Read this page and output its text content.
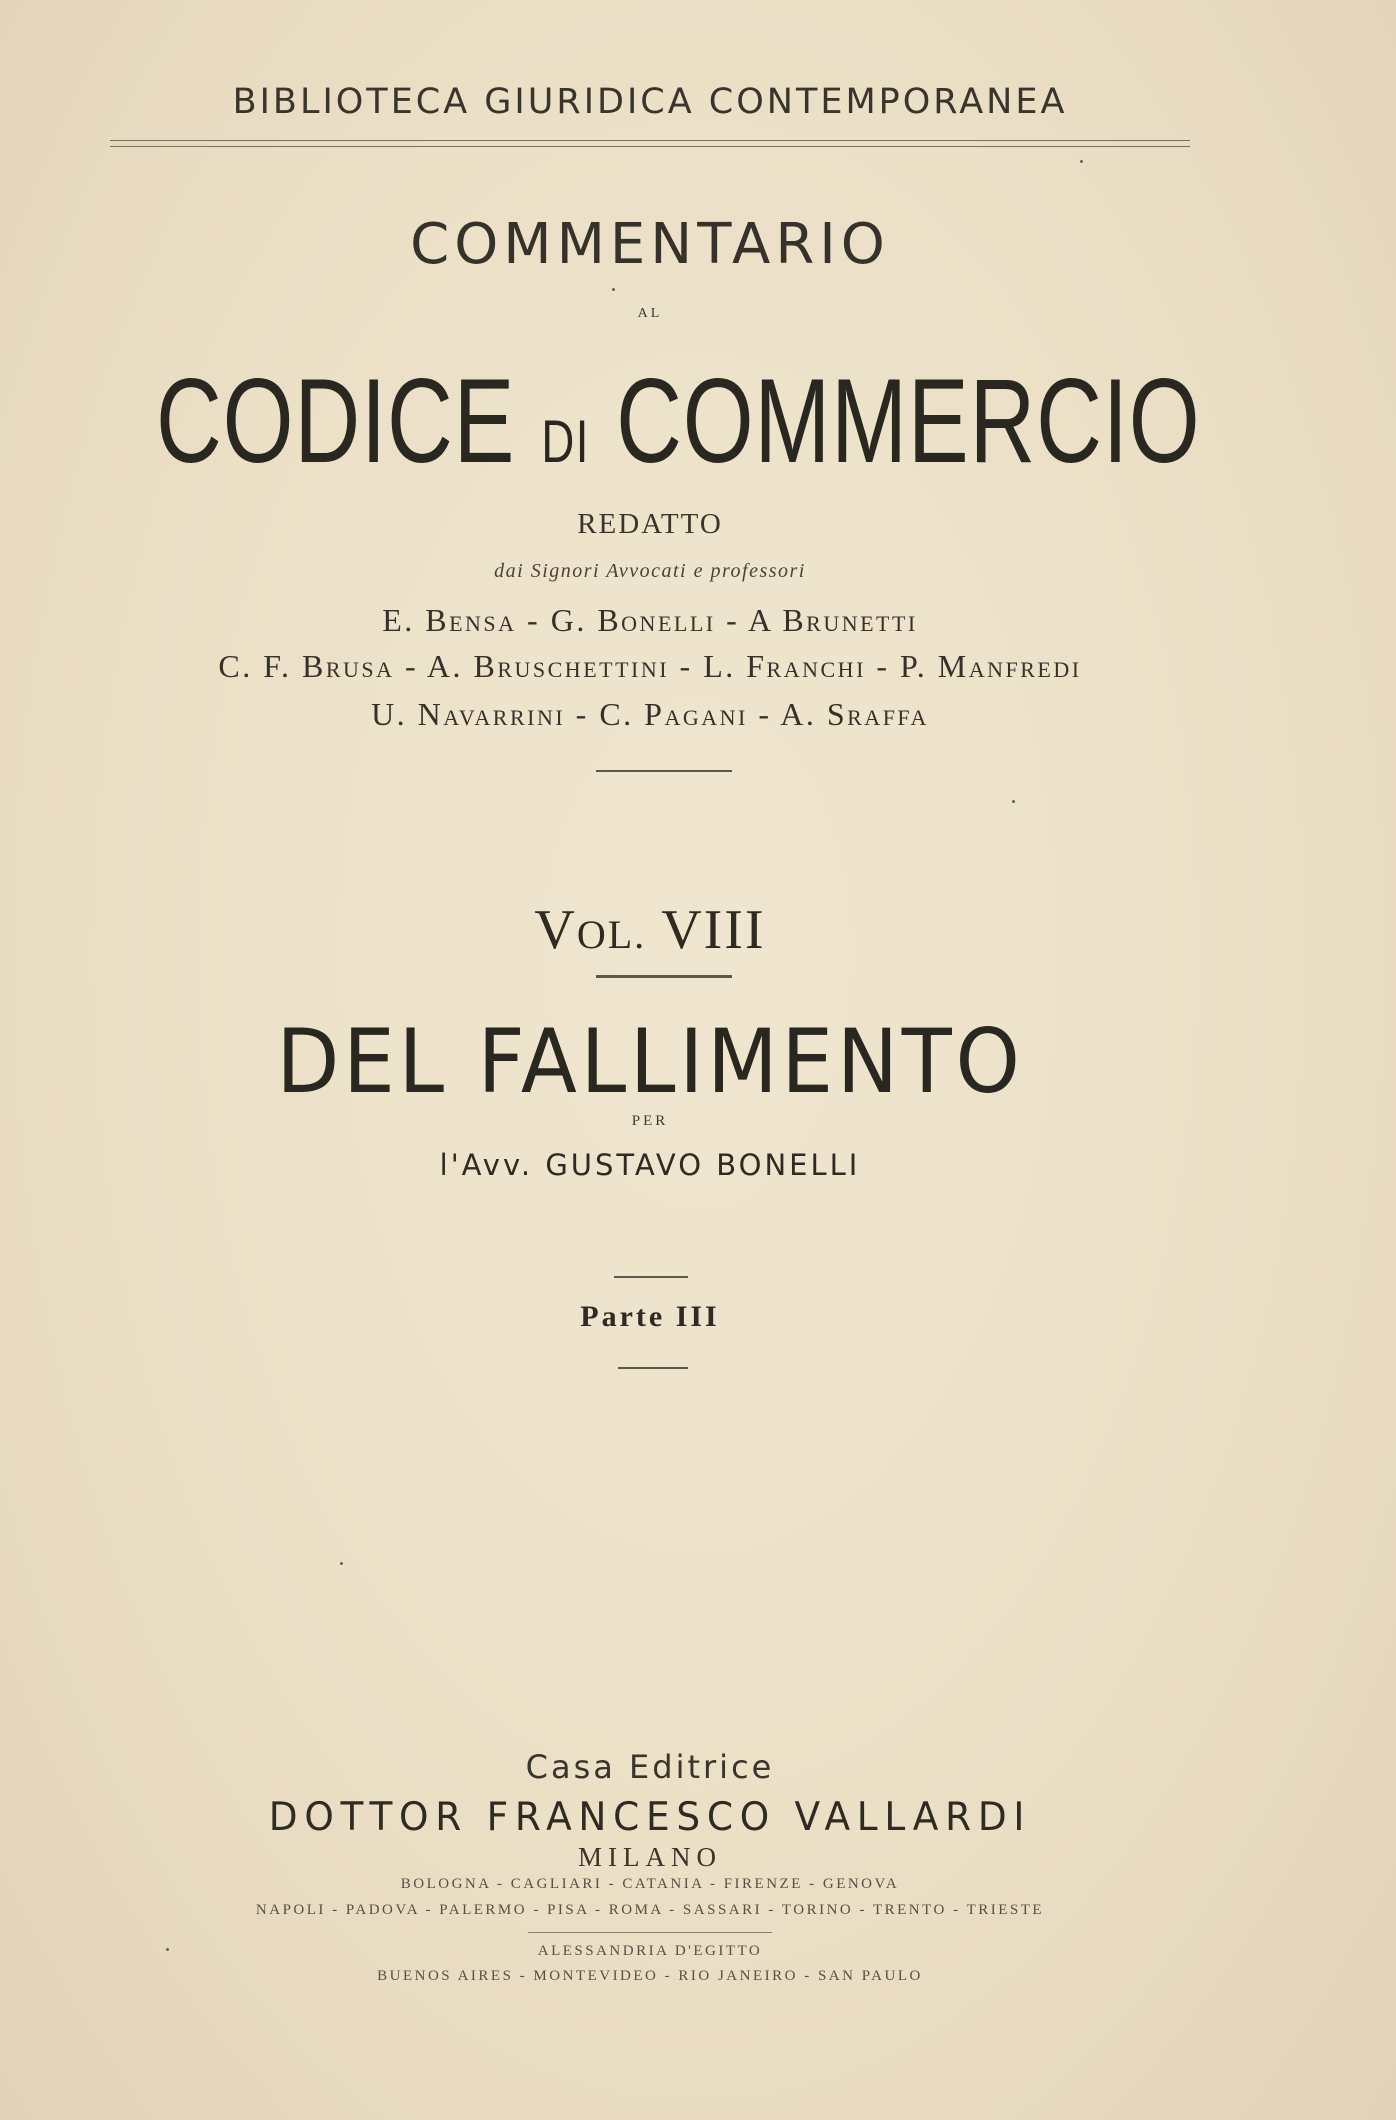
BIBLIOTECA GIURIDICA CONTEMPORANEA
COMMENTARIO
AL
CODICE DI COMMERCIO
REDATTO
dai Signori Avvocati e professori
E. Bensa - G. Bonelli - A Brunetti
C. F. Brusa - A. Bruschettini - L. Franchi - P. Manfredi
U. Navarrini - C. Pagani - A. Sraffa
VOL. VIII
DEL FALLIMENTO
PER
l'Avv. GUSTAVO BONELLI
Parte III
Casa Editrice
DOTTOR FRANCESCO VALLARDI
MILANO
BOLOGNA - CAGLIARI - CATANIA - FIRENZE - GENOVA
NAPOLI - PADOVA - PALERMO - PISA - ROMA - SASSARI - TORINO - TRENTO - TRIESTE
ALESSANDRIA D'EGITTO
BUENOS AIRES - MONTEVIDEO - RIO JANEIRO - SAN PAULO
